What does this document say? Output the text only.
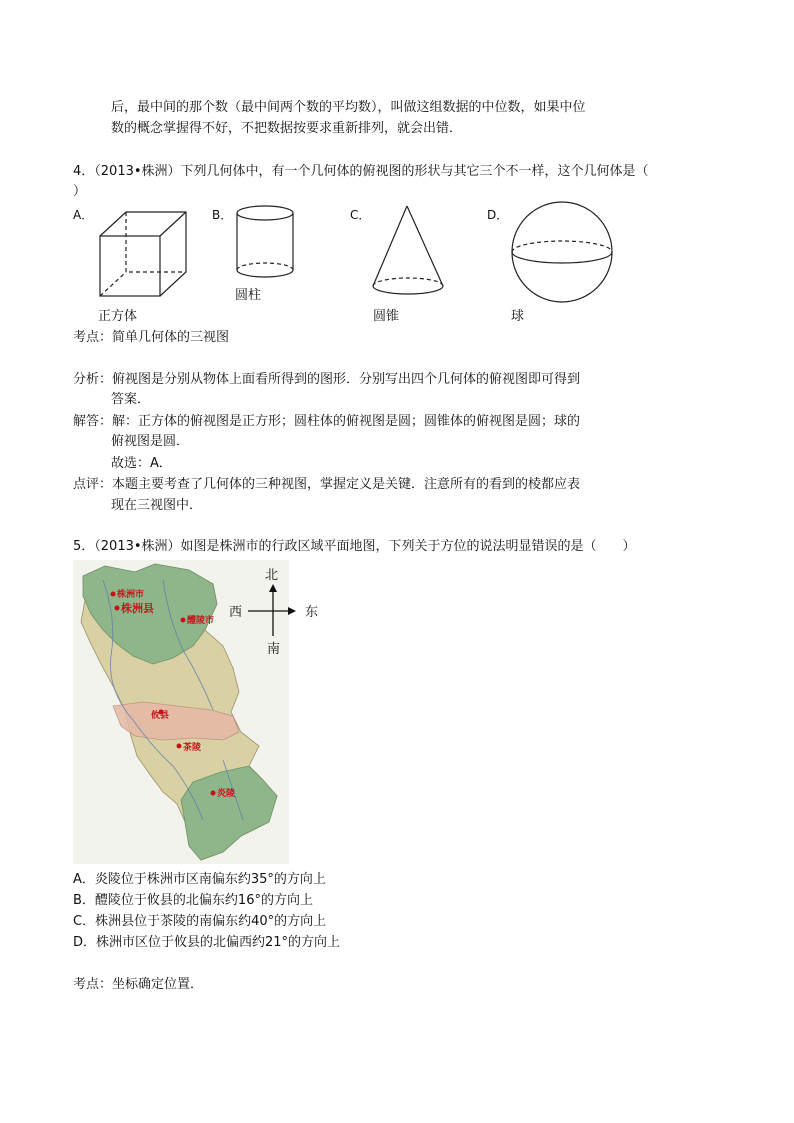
后，最中间的那个数（最中间两个数的平均数），叫做这组数据的中位数，如果中位
数的概念掌握得不好，不把数据按要求重新排列，就会出错．
4．（2013•株洲）下列几何体中，有一个几何体的俯视图的形状与其它三个不一样，这个几何体是（
）
A．	B．	C．	D．
正方体
圆柱
圆锥	球
考点：简单几何体的三视图
分析：俯视图是分别从物体上面看所得到的图形．分别写出四个几何体的俯视图即可得到
答案．
解答：解：正方体的俯视图是正方形；圆柱体的俯视图是圆；圆锥体的俯视图是圆；球的
俯视图是圆．
故选：A．
点评：本题主要考查了几何体的三种视图，掌握定义是关键．注意所有的看到的棱都应表
现在三视图中．
5．（2013•株洲）如图是株洲市的行政区域平面地图，下列关于方位的说法明显错误的是（　　）
株洲市
株洲县
醴陵市
攸县
茶陵
炎陵
北
西	东
南
A．炎陵位于株洲市区南偏东约35°的方向上
B．醴陵位于攸县的北偏东约16°的方向上
C．株洲县位于茶陵的南偏东约40°的方向上
D．株洲市区位于攸县的北偏西约21°的方向上
考点：坐标确定位置．
